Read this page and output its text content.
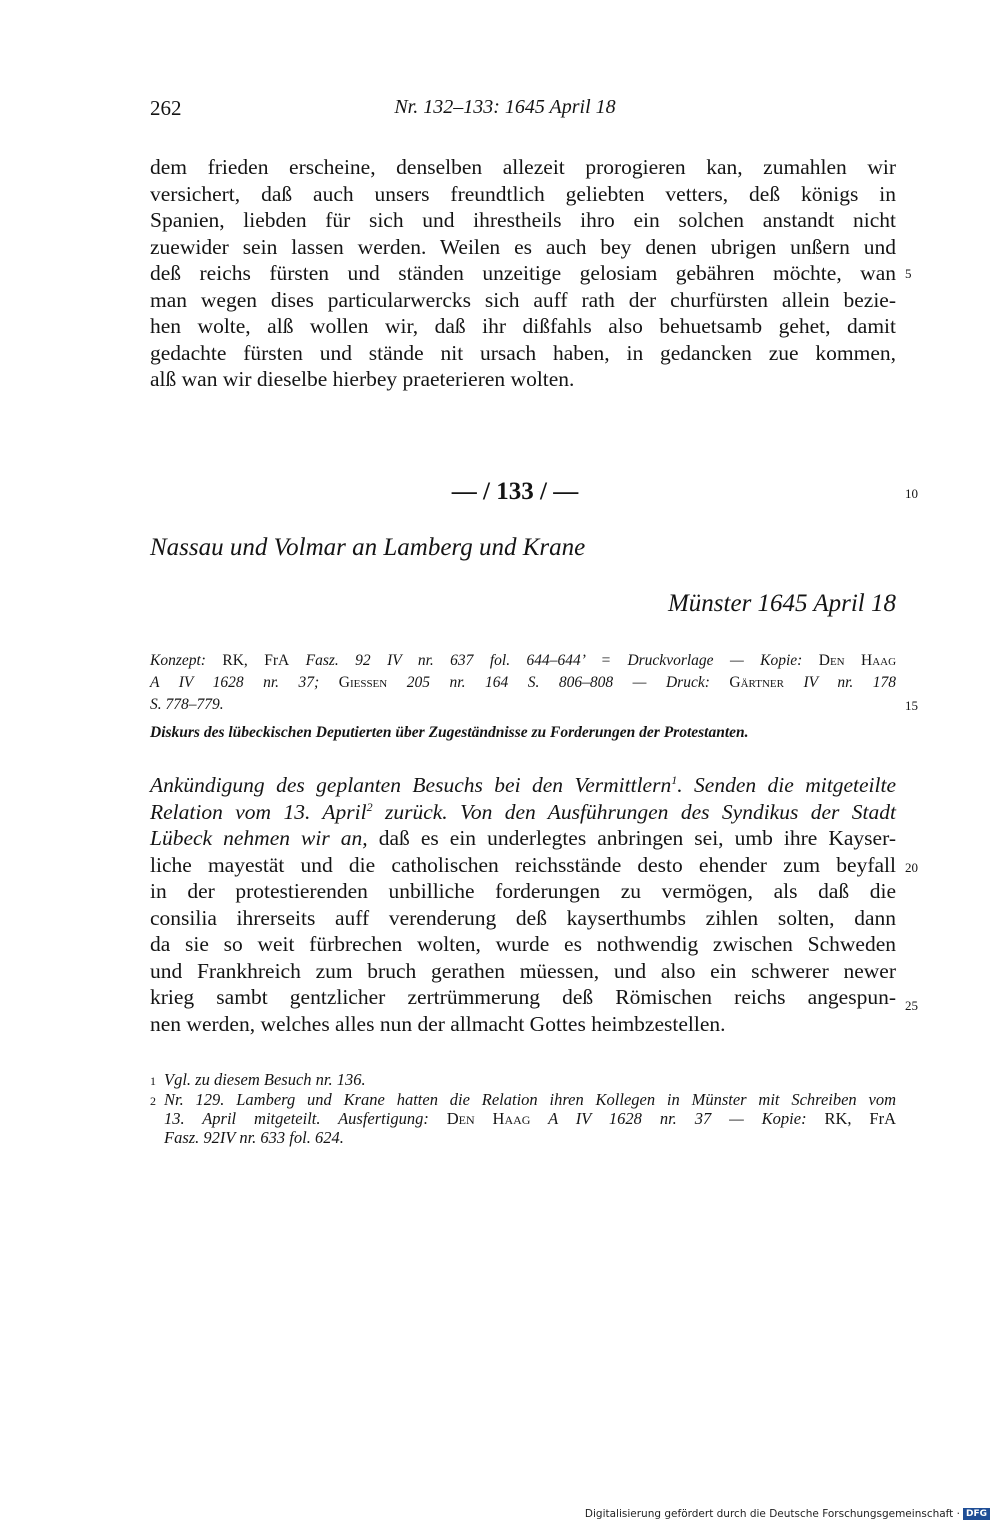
262	Nr. 132–133: 1645 April 18
dem frieden erscheine, denselben allezeit prorogieren kan, zumahlen wir
versichert, daß auch unsers freundtlich geliebten vetters, deß königs in
Spanien, liebden für sich und ihrestheils ihro ein solchen anstandt nicht
zuewider sein lassen werden. Weilen es auch bey denen ubrigen unßern und
deß reichs fürsten und ständen unzeitige gelosiam gebähren möchte, wan
man wegen dises particularwercks sich auff rath der churfürsten allein bezie-
hen wolte, alß wollen wir, daß ihr dißfahls also behuetsamb gehet, damit
gedachte fürsten und stände nit ursach haben, in gedancken zue kommen,
alß wan wir dieselbe hierbey praeterieren wolten.
5
10
15
20
25
— / 133 / —
Nassau und Volmar an Lamberg und Krane
Münster 1645 April 18
Konzept: RK, FrA Fasz. 92 IV nr. 637 fol. 644–644’ = Druckvorlage — Kopie: Den Haag
A IV 1628 nr. 37; Giessen 205 nr. 164 S. 806–808 — Druck: Gärtner IV nr. 178
S. 778–779.
Diskurs des lübeckischen Deputierten über Zugeständnisse zu Forderungen der Protestanten.
Ankündigung des geplanten Besuchs bei den Vermittlern$^1$. Senden die mitgeteilte
Relation vom 13. April$^2$ zurück. Von den Ausführungen des Syndikus der Stadt
Lübeck nehmen wir an, daß es ein underlegtes anbringen sei, umb ihre Kayser-
liche mayestät und die catholischen reichsstände desto ehender zum beyfall
in der protestierenden unbilliche forderungen zu vermögen, als daß die
consilia ihrerseits auff verenderung deß kayserthumbs zihlen solten, dann
da sie so weit fürbrechen wolten, wurde es nothwendig zwischen Schweden
und Frankhreich zum bruch gerathen müessen, und also ein schwerer newer
krieg sambt gentzlicher zertrümmerung deß Römischen reichs angespun-
nen werden, welches alles nun der allmacht Gottes heimbzestellen.
1 Vgl. zu diesem Besuch nr. 136.
2 Nr. 129. Lamberg und Krane hatten die Relation ihren Kollegen in Münster mit Schreiben vom
13. April mitgeteilt. Ausfertigung: Den Haag A IV 1628 nr. 37 — Kopie: RK, FrA
Fasz. 92IV nr. 633 fol. 624.
Digitalisierung gefördert durch die Deutsche Forschungsgemeinschaft · DFG
